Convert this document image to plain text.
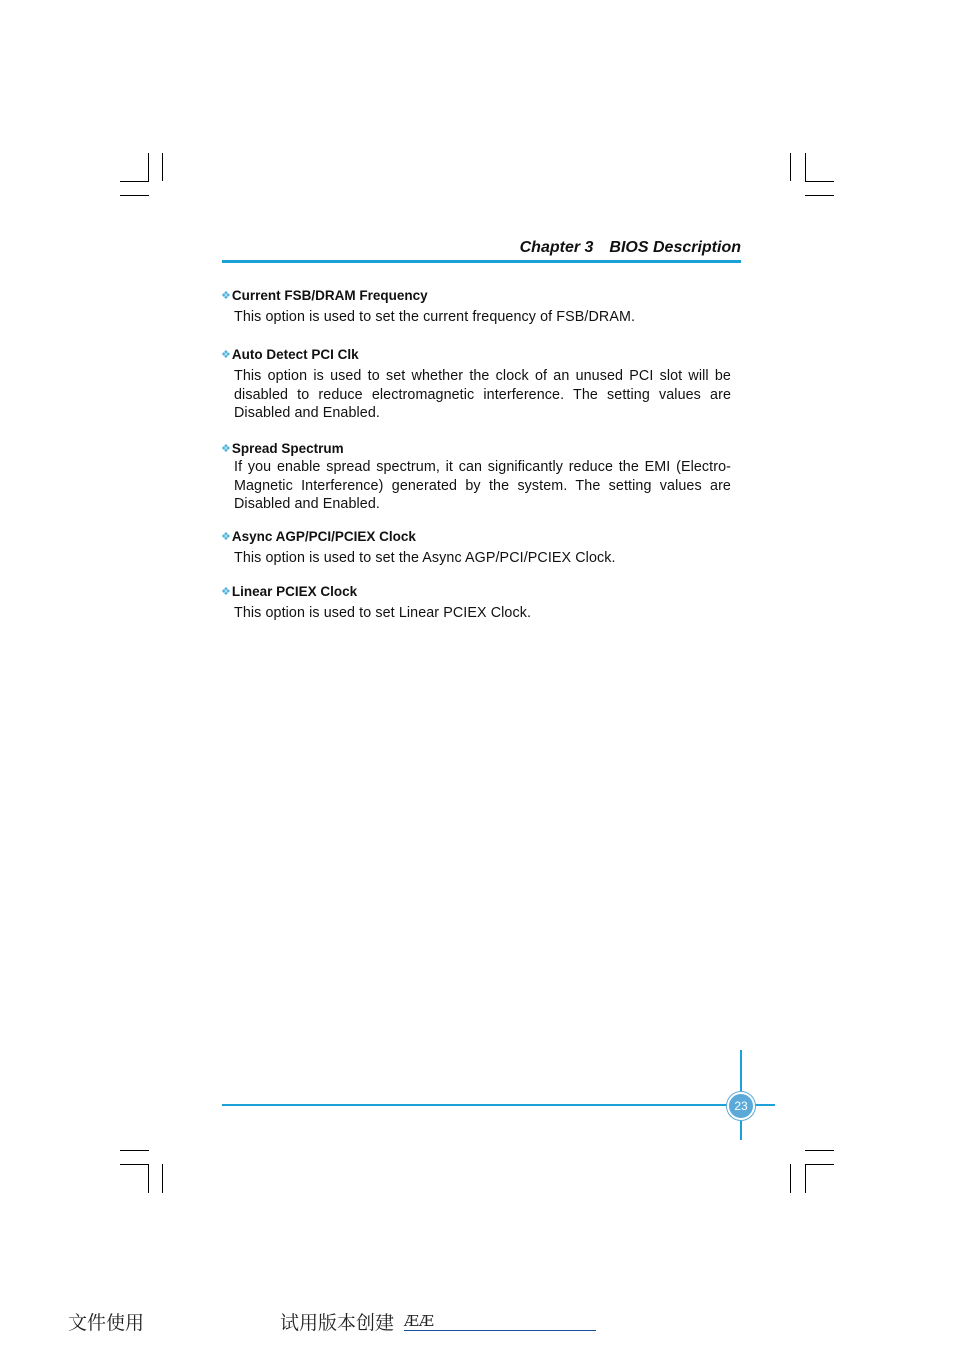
Chapter 3 BIOS Description
❖ Current FSB/DRAM Frequency

This option is used to set the current frequency of FSB/DRAM.

❖ Auto Detect PCI Clk

This option is used to set whether the clock of an unused PCI slot will be disabled to reduce electromagnetic interference. The setting values are Disabled and Enabled.

❖ Spread Spectrum

If you enable spread spectrum, it can significantly reduce the EMI (Electro-Magnetic Interference) generated by the system. The setting values are Disabled and Enabled.

❖ Async AGP/PCI/PCIEX Clock

This option is used to set the Async AGP/PCI/PCIEX Clock.

❖ Linear PCIEX Clock

This option is used to set Linear PCIEX Clock.

23
文件使用	试用版本创建 ÆÆ
